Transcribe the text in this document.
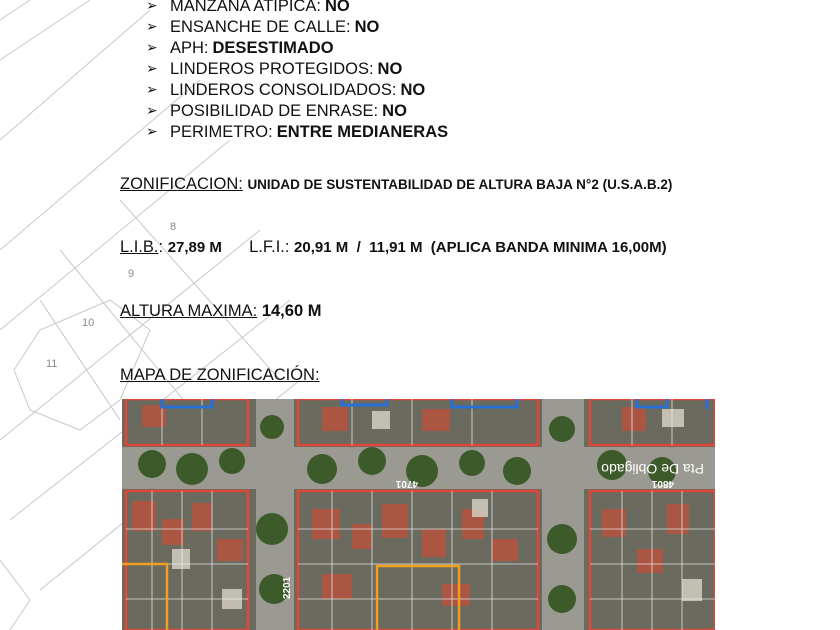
8
9
10
11
➢ MANZANA ATIPICA: NO
➢ ENSANCHE DE CALLE: NO
➢ APH: DESESTIMADO
➢ LINDEROS PROTEGIDOS: NO
➢ LINDEROS CONSOLIDADOS: NO
➢ POSIBILIDAD DE ENRASE: NO
➢ PERIMETRO: ENTRE MEDIANERAS
ZONIFICACION: UNIDAD DE SUSTENTABILIDAD DE ALTURA BAJA N°2 (U.S.A.B.2)
L.I.B.: 27,89 M L.F.I.: 20,91 M  /  11,91 M  (APLICA BANDA MINIMA 16,00M)
ALTURA MAXIMA: 14,60 M
MAPA DE ZONIFICACIÓN:
4701	4801
2201
Pta De Obligado
